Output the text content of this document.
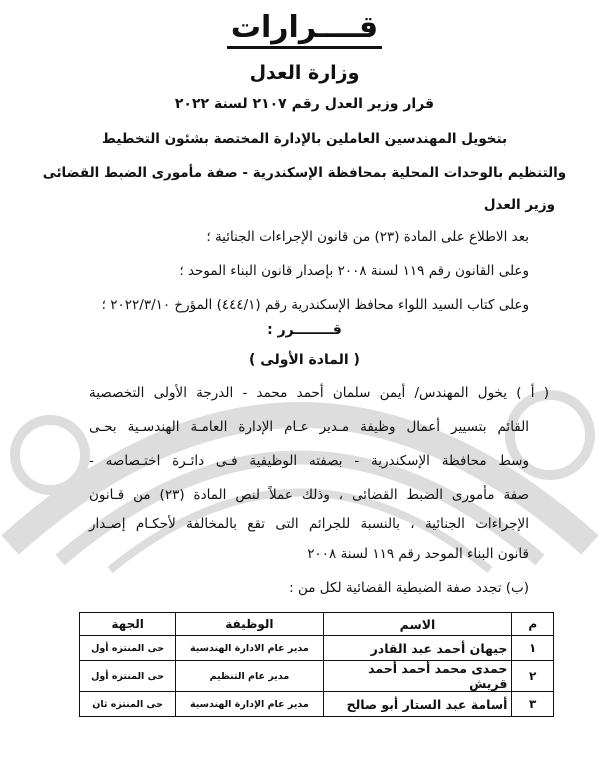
قــــرارات
وزارة العدل
قرار وزير العدل رقم ٢١٠٧ لسنة ٢٠٢٢
بتخويل المهندسين العاملين بالإدارة المختصة بشئون التخطيط
والتنظيم بالوحدات المحلية بمحافظة الإسكندرية - صفة مأمورى الضبط القضائى
وزير العدل
بعد الاطلاع على المادة (٢٣) من قانون الإجراءات الجنائية ؛
وعلى القانون رقم ١١٩ لسنة ٢٠٠٨ بإصدار قانون البناء الموحد ؛
وعلى كتاب السيد اللواء محافظ الإسكندرية رقم (٤٤٤/١) المؤرخ ٢٠٢٢/٣/١٠ ؛
قــــــــرر :
( المادة الأولى )
( أ ) يخول المهندس/ أيمن سلمان أحمد محمد - الدرجة الأولى التخصصية
القائم بتسيير أعمال وظيفة مـدير عـام الإدارة العامـة الهندسـية بحـى
وسط محافظة الإسكندرية - بصفته الوظيفية فـى دائـرة اختـصاصه -
صفة مأمورى الضبط القضائى ، وذلك عملاً لنص المادة (٢٣) من قـانون
الإجراءات الجنائية ، بالنسبة للجرائم التى تقع بالمخالفة لأحكـام إصـدار
قانون البناء الموحد رقم ١١٩ لسنة ٢٠٠٨
(ب) تجدد صفة الضبطية القضائية لكل من :
م	الاسم	الوظيفة	الجهة
١	جيهان أحمد عبد القادر	مدير عام الادارة الهندسية	حى المنتزه أول
٢	حمدى محمد أحمد أحمد قريش	مدير عام التنظيم	حى المنتزه أول
٣	أسامة عبد الستار أبو صالح	مدير عام الإدارة الهندسية	حى المنتزه ثان
